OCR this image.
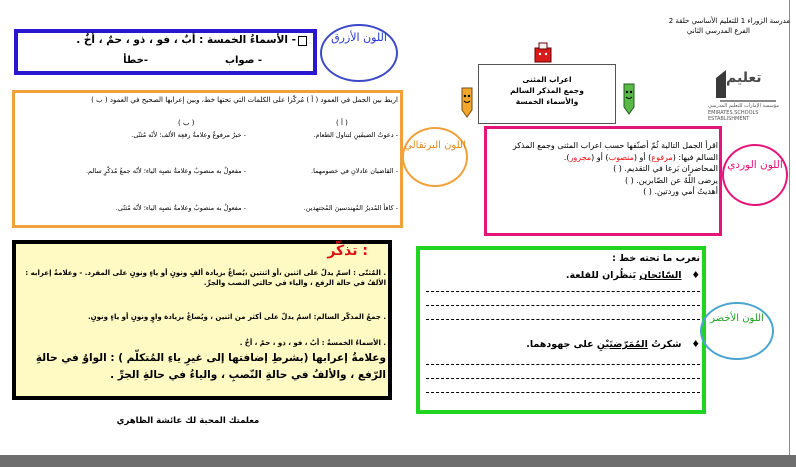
مدرسة الزوراء 1 للتعليم الأساسي حلقة 2
الفرع المدرسي الثاني
تعليم
مؤسسة الإمارات للتعليم المدرسي
EMIRATES SCHOOLS ESTABLISHMENT
اعراب المثنى
وجمع المذكر السالم
والأسماء الخمسة
- الأسماءُ الخمسة : أبٌ ، فو ، ذو ، حمٌ ، أخٌ .
- صواب  -خطأ
اللون الأزرق
اربط بين الجمل في العمود ( أ ) مُركّزا على الكلمات التي تحتها خط، وبين إعرابها الصحيح في العمود ( ب )
( أ )
( ب )
- دعوتُ الضيفَينِ لتناول الطعام.
- خبرٌ مرفوعٌ وعلامةُ رفعِه الألف؛ لأنّه مُثنّى.
- القاضيان عادلانِ في خصومهما.
- مفعولٌ به منصوبٌ وعلامةُ نصبِه الياء؛ لأنّه جمعُ مُذكّرٍ سالم.
- كافأ المُديرُ المُهندسينَ المُجتهدين.
- مفعولٌ به منصوبٌ وعلامةُ نصبِه الياء؛ لأنّه مُثنّى.
اللون البرتقالي	اقرأ الجمل التالية ثُمّ أصنّفها حسب اعراب المثنى وجمع المذكر السالم فيها: (مرفوع) أو (منصوب) أو (مجرور).
المحاضران بَرعا في التقديم. ( )
يرضى اللّهُ عن الصّابرين. ( )
أهديتُ أمي وردتين. ( )
اللون الوردي
: تذكّر
. المُثنّى : اسمٌ يدلّ على اثنين ،أو اثنتين ،يُصاغُ بزيادة ألفٍ ونونٍ أو ياءٍ ونونٍ على المفرد. - وعلامةُ إعرابه : الألفُ في حالة الرفع ، والياء في حالتي النصب والجرِّ.
. جمعُ المذكّر السالم: اسمٌ يدلّ على أكثر من اثنين ، ويُصاغُ بزيادة واوٍ ونونٍ أو ياءٍ ونونٍ.
. الأسماءُ الخمسةُ : أبٌ ، فو ، ذو ، حمٌ ، أخٌ .
وعلامةُ إعرابها (بشرطِ إضافتها إلى غيرِ ياءِ المُتكلّم ) : الواوُ في حالةِ الرّفع ، والألفُ في حالةِ النّصبِ ، والياءُ في حالةِ الجرِّ .
معلمتك المحبة لك عائشة الظاهري
نعرب ما تحته خط :
♦   السّائحان يَنظُران للقلعة.
♦   شكرتُ المُمَرّضتَيْنِ على جهودهما.
اللون الأخضر
